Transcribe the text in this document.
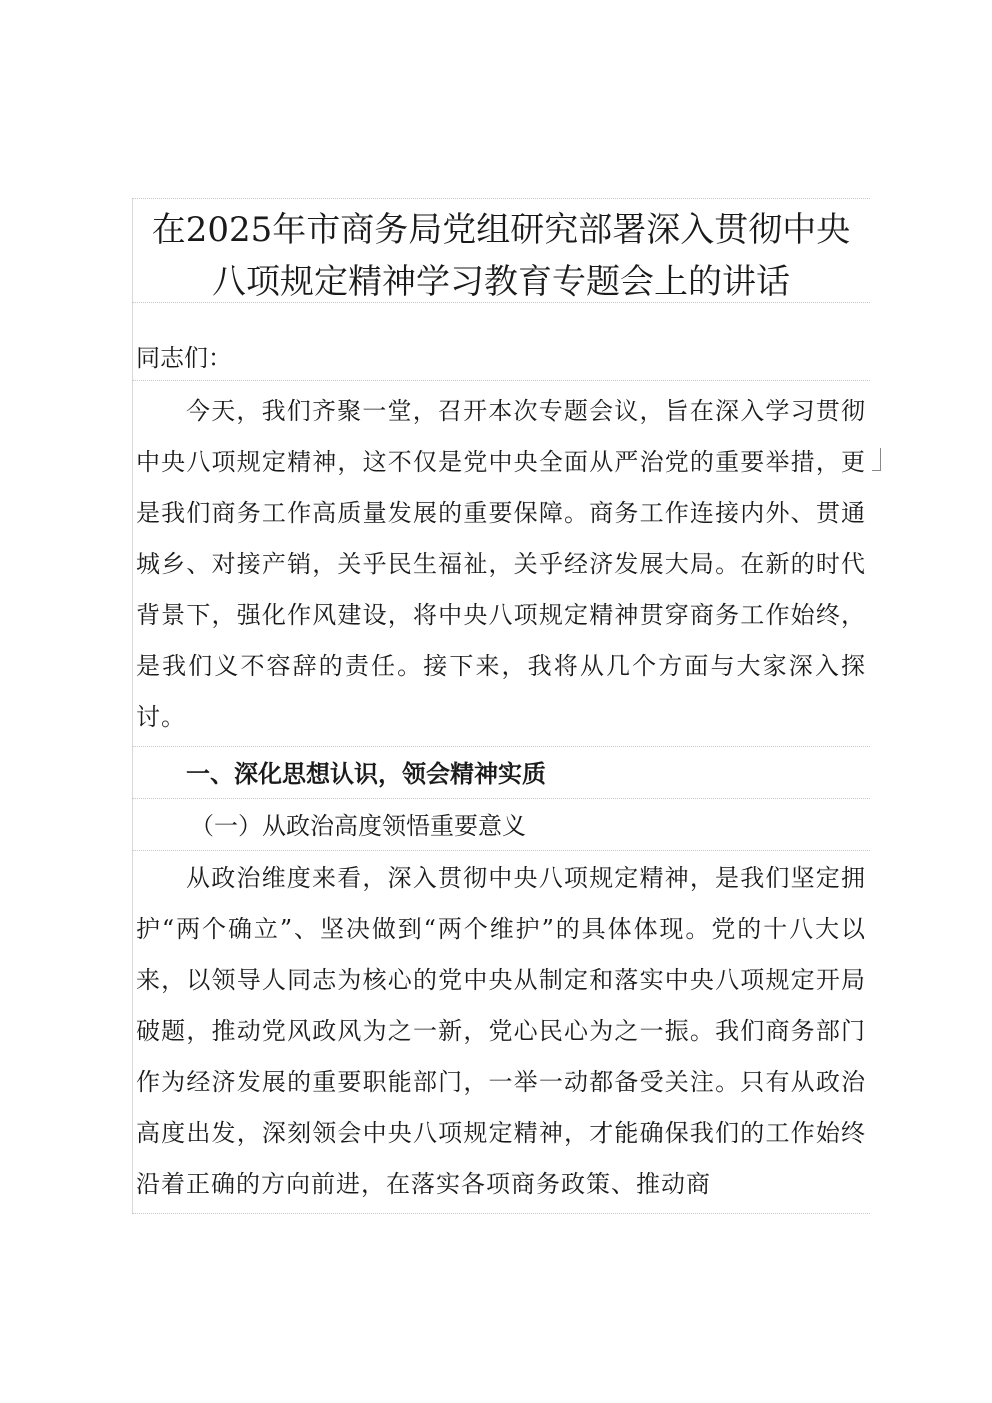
在2025年市商务局党组研究部署深入贯彻中央
八项规定精神学习教育专题会上的讲话
同志们：

今天，我们齐聚一堂，召开本次专题会议，旨在深入学习贯彻中央八项规定精神，这不仅是党中央全面从严治党的重要举措，更是我们商务工作高质量发展的重要保障。商务工作连接内外、贯通城乡、对接产销，关乎民生福祉，关乎经济发展大局。在新的时代背景下，强化作风建设，将中央八项规定精神贯穿商务工作始终，是我们义不容辞的责任。接下来，我将从几个方面与大家深入探讨。

一、深化思想认识，领会精神实质
（一）从政治高度领悟重要意义

从政治维度来看，深入贯彻中央八项规定精神，是我们坚定拥护“两个确立”、坚决做到“两个维护”的具体体现。党的十八大以来，以领导人同志为核心的党中央从制定和落实中央八项规定开局破题，推动党风政风为之一新，党心民心为之一振。我们商务部门作为经济发展的重要职能部门，一举一动都备受关注。只有从政治高度出发，深刻领会中央八项规定精神，才能确保我们的工作始终沿着正确的方向前进，在落实各项商务政策、推动商
